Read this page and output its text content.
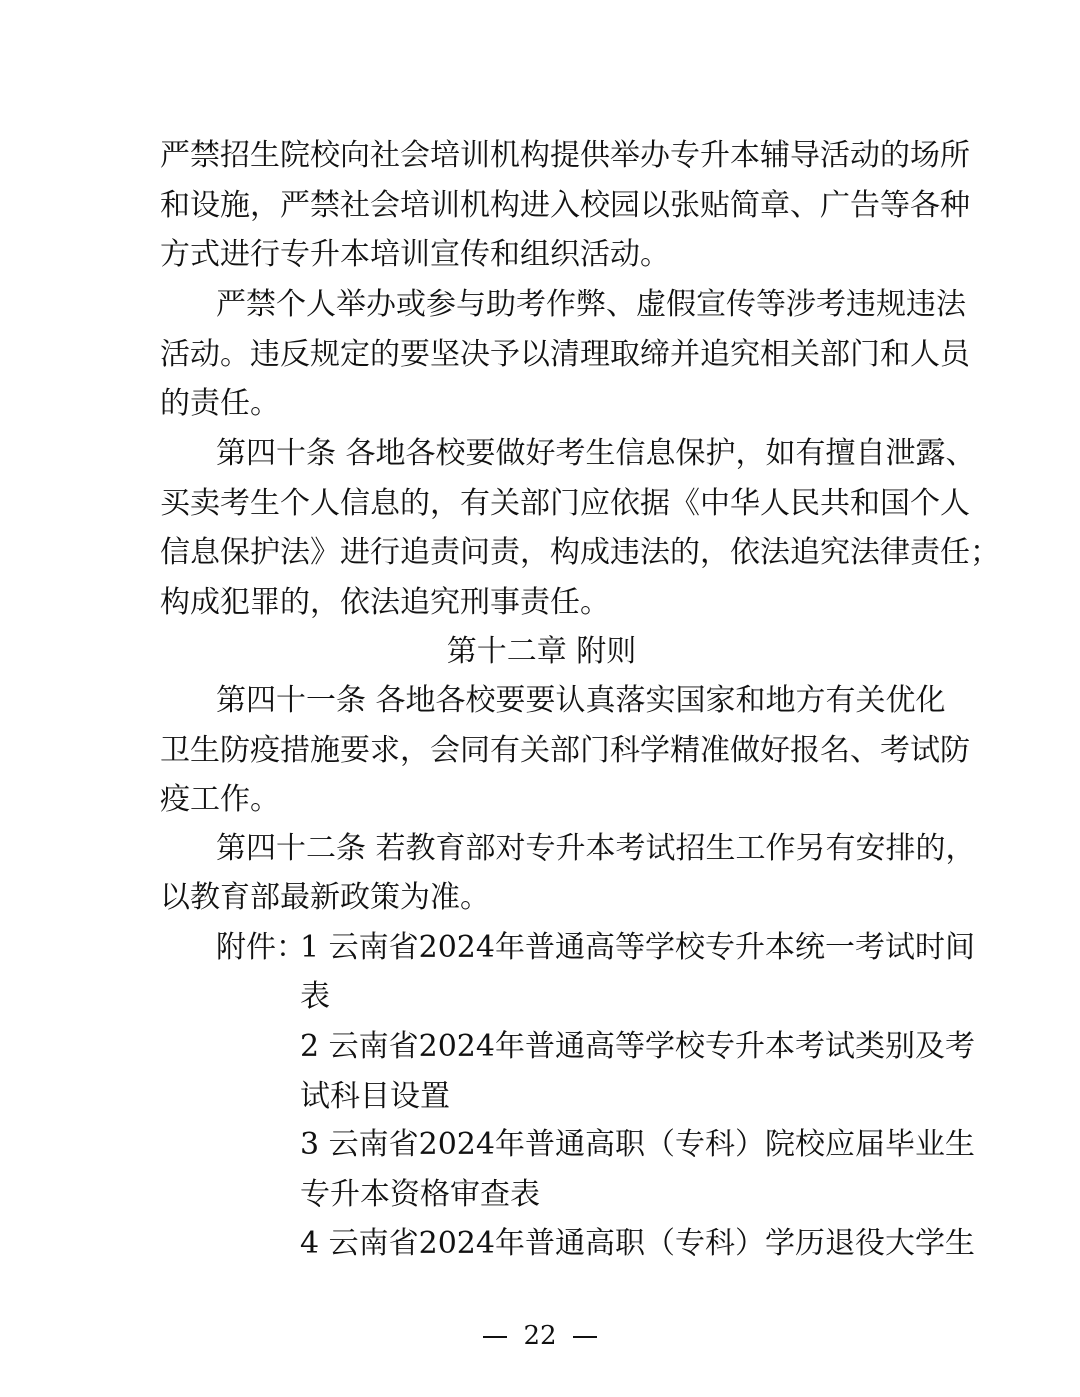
严禁招生院校向社会培训机构提供举办专升本辅导活动的场所
和设施，严禁社会培训机构进入校园以张贴简章、广告等各种
方式进行专升本培训宣传和组织活动。
严禁个人举办或参与助考作弊、虚假宣传等涉考违规违法
活动。违反规定的要坚决予以清理取缔并追究相关部门和人员
的责任。
第四十条 各地各校要做好考生信息保护，如有擅自泄露、
买卖考生个人信息的，有关部门应依据《中华人民共和国个人
信息保护法》进行追责问责，构成违法的，依法追究法律责任；
构成犯罪的，依法追究刑事责任。
第十二章 附则
第四十一条 各地各校要要认真落实国家和地方有关优化
卫生防疫措施要求，会同有关部门科学精准做好报名、考试防
疫工作。
第四十二条 若教育部对专升本考试招生工作另有安排的，
以教育部最新政策为准。
附件：
1 云南省2024年普通高等学校专升本统一考试时间
表
2 云南省2024年普通高等学校专升本考试类别及考
试科目设置
3 云南省2024年普通高职（专科）院校应届毕业生
专升本资格审查表
4 云南省2024年普通高职（专科）学历退役大学生
22
